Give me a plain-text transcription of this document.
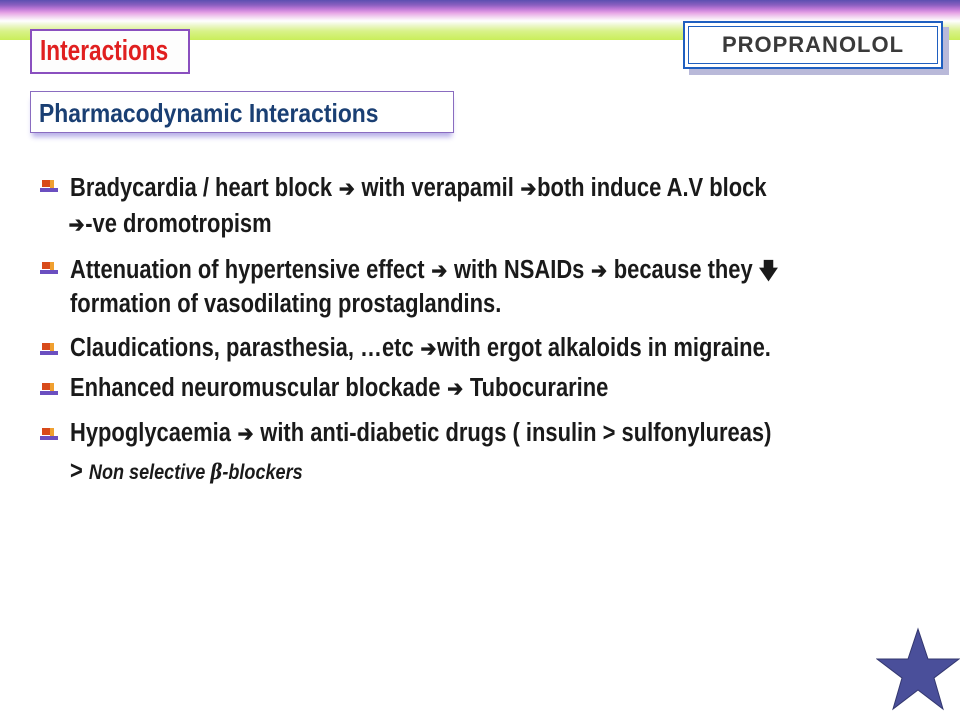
Interactions	PROPRANOLOL
Pharmacodynamic Interactions
Bradycardia / heart block ➔ with verapamil ➔both induce A.V block
➔-ve dromotropism
Attenuation of hypertensive effect ➔ with NSAIDs ➔ because they 🡇
formation of vasodilating prostaglandins.
Claudications, parasthesia, …etc ➔with ergot alkaloids in migraine.
Enhanced neuromuscular blockade ➔ Tubocurarine
Hypoglycaemia ➔ with anti-diabetic drugs ( insulin > sulfonylureas)
> Non selective β-blockers
